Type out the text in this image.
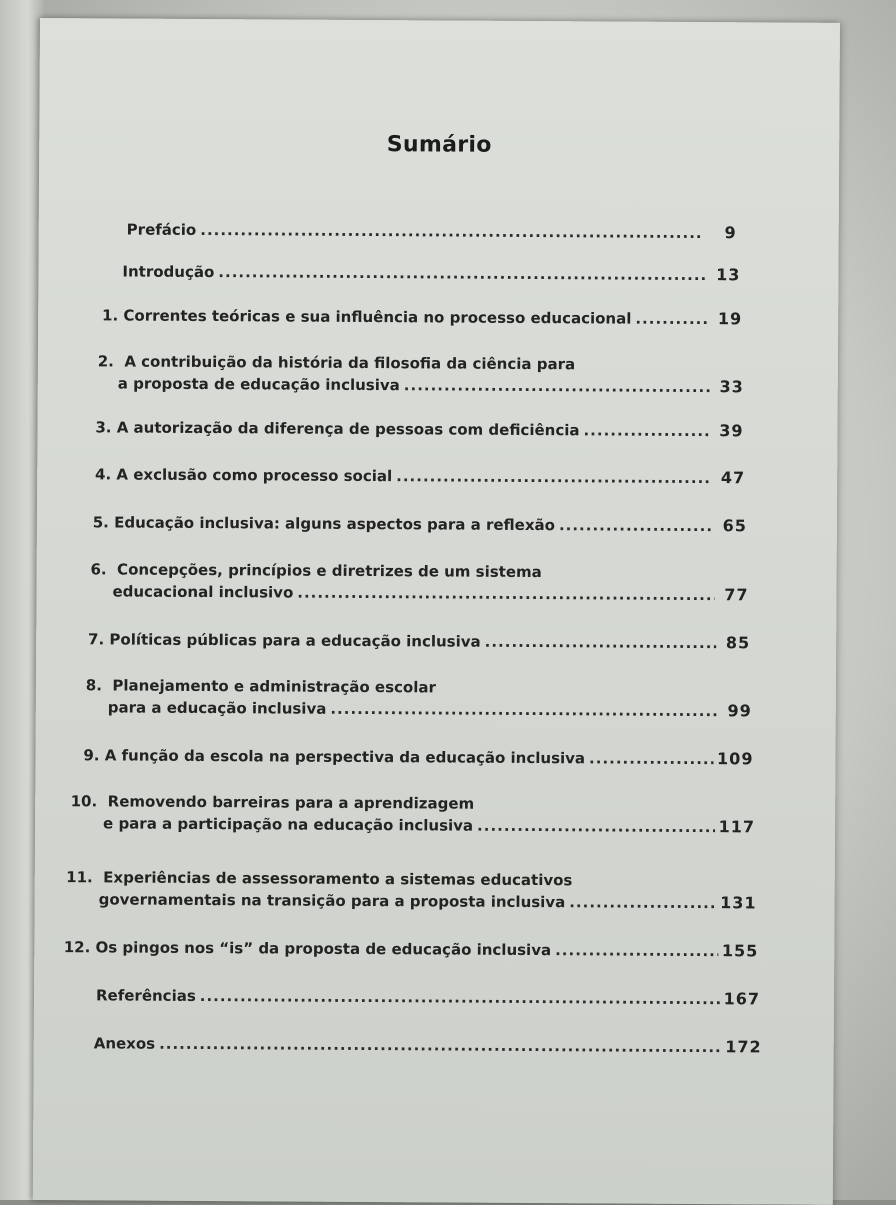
Sumário
Prefácio .....	9
Introdução .....	13
1.
Correntes teóricas e sua influência no processo educacional .....	19
2. A contribuição da história da filosofia da ciência para
a proposta de educação inclusiva .....	33
3.
A autorização da diferença de pessoas com deficiência .....	39
4.
A exclusão como processo social .....	47
5.
Educação inclusiva: alguns aspectos para a reflexão .....	65
6. Concepções, princípios e diretrizes de um sistema
educacional inclusivo .....	77
7.
Políticas públicas para a educação inclusiva .....	85
8. Planejamento e administração escolar
para a educação inclusiva .....	99
9.
A função da escola na perspectiva da educação inclusiva .....	109
10. Removendo barreiras para a aprendizagem
e para a participação na educação inclusiva .....	117
11. Experiências de assessoramento a sistemas educativos
governamentais na transição para a proposta inclusiva .....	131
12.
Os pingos nos “is” da proposta de educação inclusiva .....	155
Referências .....	167
Anexos .....	172
